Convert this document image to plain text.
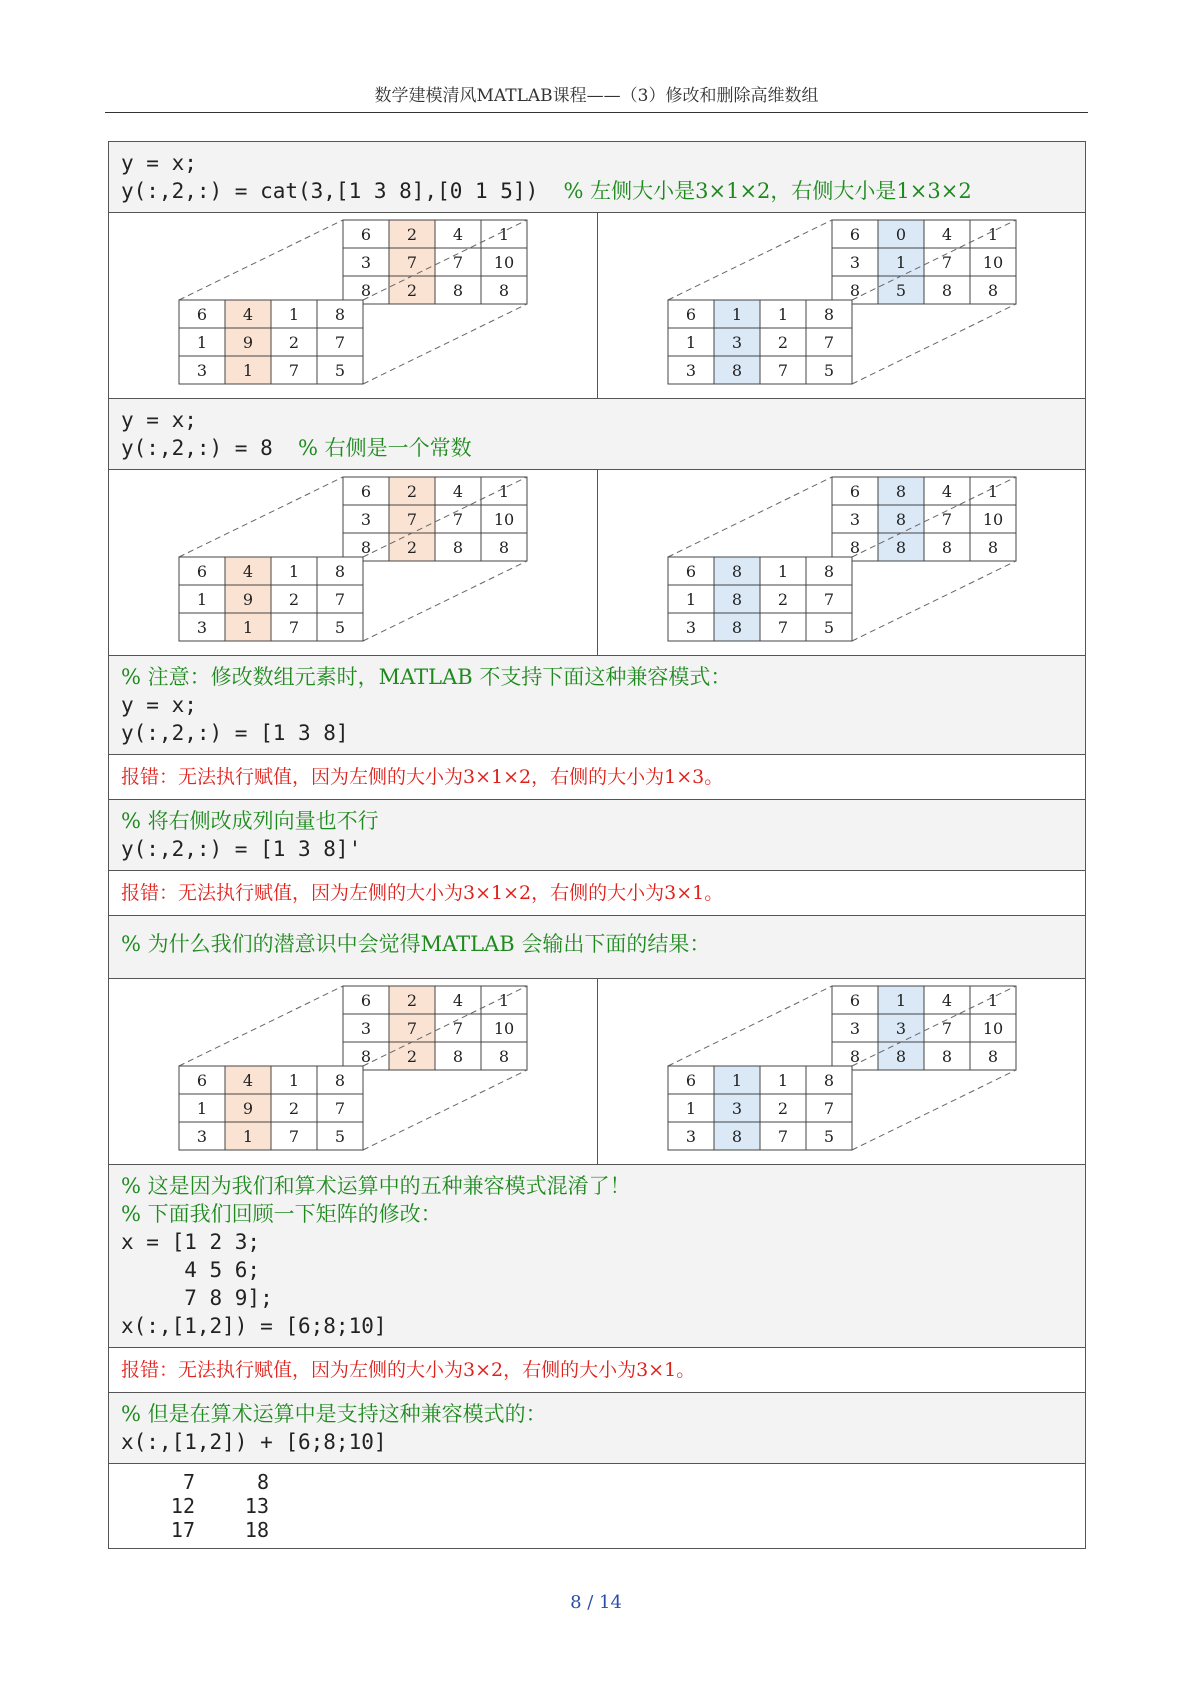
数学建模清风MATLAB课程——（3）修改和删除高维数组
y = x;
y(:,2,:) = cat(3,[1 3 8],[0 1 5])  % 左侧大小是3×1×2，右侧大小是1×3×2
6 2 4 1
3 7 7 10
8 2 8 8
6 4 1 8
1 9 2 7
3 1 7 5
6 0 4 1
3 1 7 10
8 5 8 8
6 1 1 8
1 3 2 7
3 8 7 5
y = x;
y(:,2,:) = 8  % 右侧是一个常数
6 2 4 1
3 7 7 10
8 2 8 8
6 4 1 8
1 9 2 7
3 1 7 5
6 8 4 1
3 8 7 10
8 8 8 8
6 8 1 8
1 8 2 7
3 8 7 5
% 注意：修改数组元素时，MATLAB 不支持下面这种兼容模式：
y = x;
y(:,2,:) = [1 3 8]
报错：无法执行赋值，因为左侧的大小为3×1×2，右侧的大小为1×3。
% 将右侧改成列向量也不行
y(:,2,:) = [1 3 8]'
报错：无法执行赋值，因为左侧的大小为3×1×2，右侧的大小为3×1。
% 为什么我们的潜意识中会觉得MATLAB 会输出下面的结果：
6 2 4 1
3 7 7 10
8 2 8 8
6 4 1 8
1 9 2 7
3 1 7 5
6 1 4 1
3 3 7 10
8 8 8 8
6 1 1 8
1 3 2 7
3 8 7 5
% 这是因为我们和算术运算中的五种兼容模式混淆了！
% 下面我们回顾一下矩阵的修改：
x = [1 2 3;
4 5 6;
7 8 9];
x(:,[1,2]) = [6;8;10]
报错：无法执行赋值，因为左侧的大小为3×2，右侧的大小为3×1。
% 但是在算术运算中是支持这种兼容模式的：
x(:,[1,2]) + [6;8;10]
7	8
12	13
17	18
8 / 14
